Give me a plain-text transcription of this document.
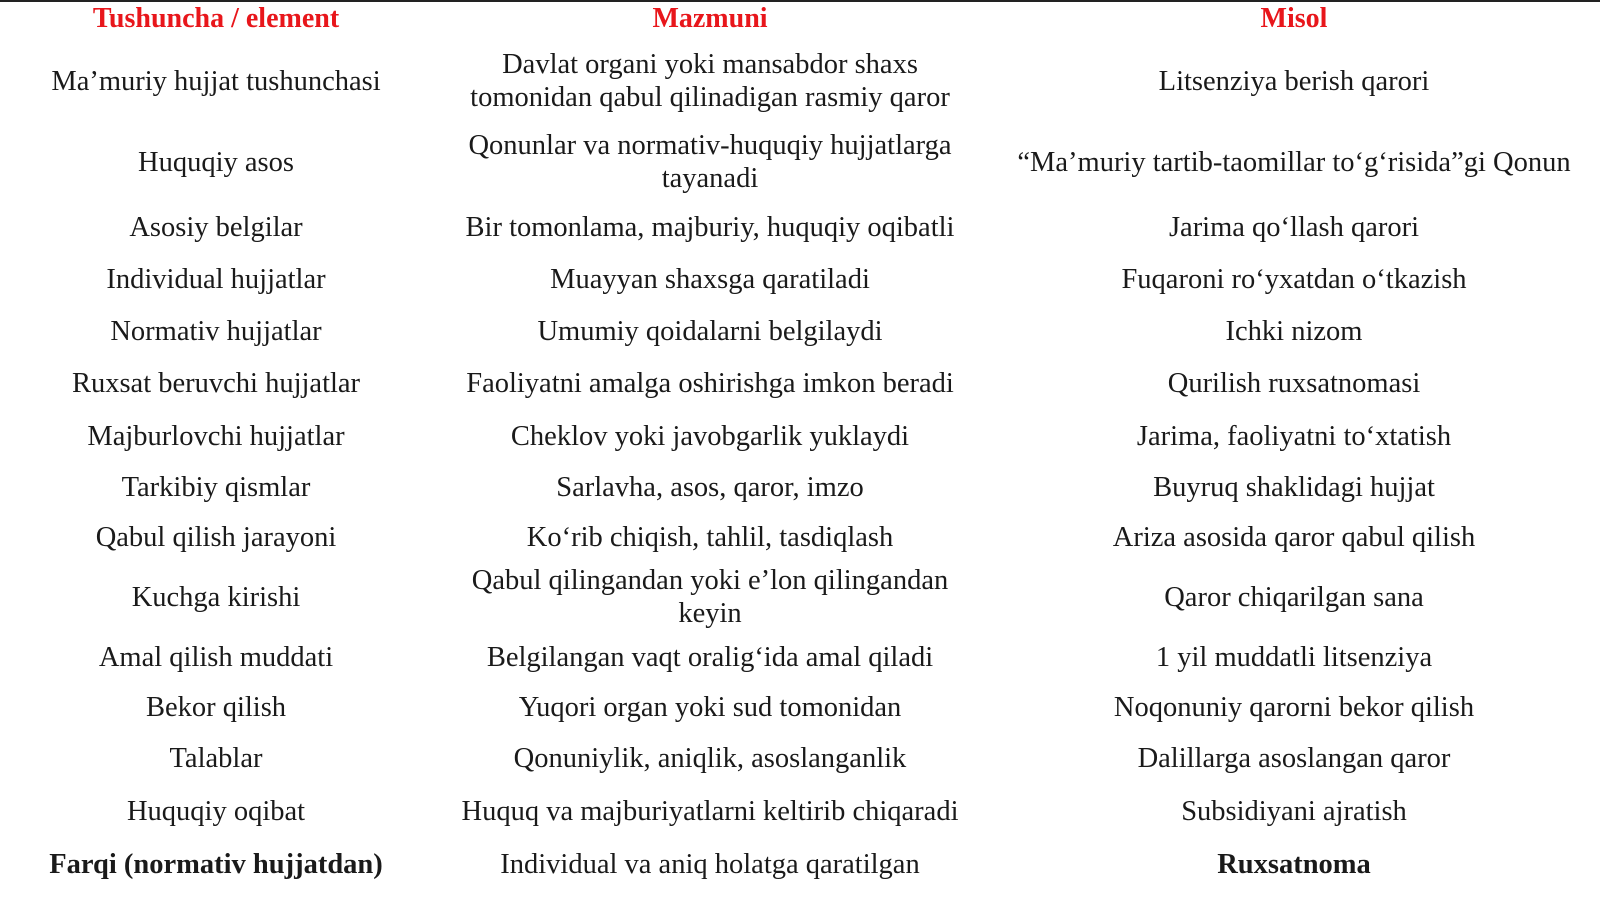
Tushuncha / element	Mazmuni	Misol
Ma’muriy hujjat tushunchasi	Davlat organi yoki mansabdor shaxs tomonidan qabul qilinadigan rasmiy qaror	Litsenziya berish qarori
Huquqiy asos	Qonunlar va normativ-huquqiy hujjatlarga tayanadi	“Ma’muriy tartib-taomillar to‘g‘risida”gi Qonun
Asosiy belgilar	Bir tomonlama, majburiy, huquqiy oqibatli	Jarima qo‘llash qarori
Individual hujjatlar	Muayyan shaxsga qaratiladi	Fuqaroni ro‘yxatdan o‘tkazish
Normativ hujjatlar	Umumiy qoidalarni belgilaydi	Ichki nizom
Ruxsat beruvchi hujjatlar	Faoliyatni amalga oshirishga imkon beradi	Qurilish ruxsatnomasi
Majburlovchi hujjatlar	Cheklov yoki javobgarlik yuklaydi	Jarima, faoliyatni to‘xtatish
Tarkibiy qismlar	Sarlavha, asos, qaror, imzo	Buyruq shaklidagi hujjat
Qabul qilish jarayoni	Ko‘rib chiqish, tahlil, tasdiqlash	Ariza asosida qaror qabul qilish
Kuchga kirishi	Qabul qilingandan yoki e’lon qilingandan keyin	Qaror chiqarilgan sana
Amal qilish muddati	Belgilangan vaqt oralig‘ida amal qiladi	1 yil muddatli litsenziya
Bekor qilish	Yuqori organ yoki sud tomonidan	Noqonuniy qarorni bekor qilish
Talablar	Qonuniylik, aniqlik, asoslanganlik	Dalillarga asoslangan qaror
Huquqiy oqibat	Huquq va majburiyatlarni keltirib chiqaradi	Subsidiyani ajratish
Farqi (normativ hujjatdan)	Individual va aniq holatga qaratilgan	Ruxsatnoma
